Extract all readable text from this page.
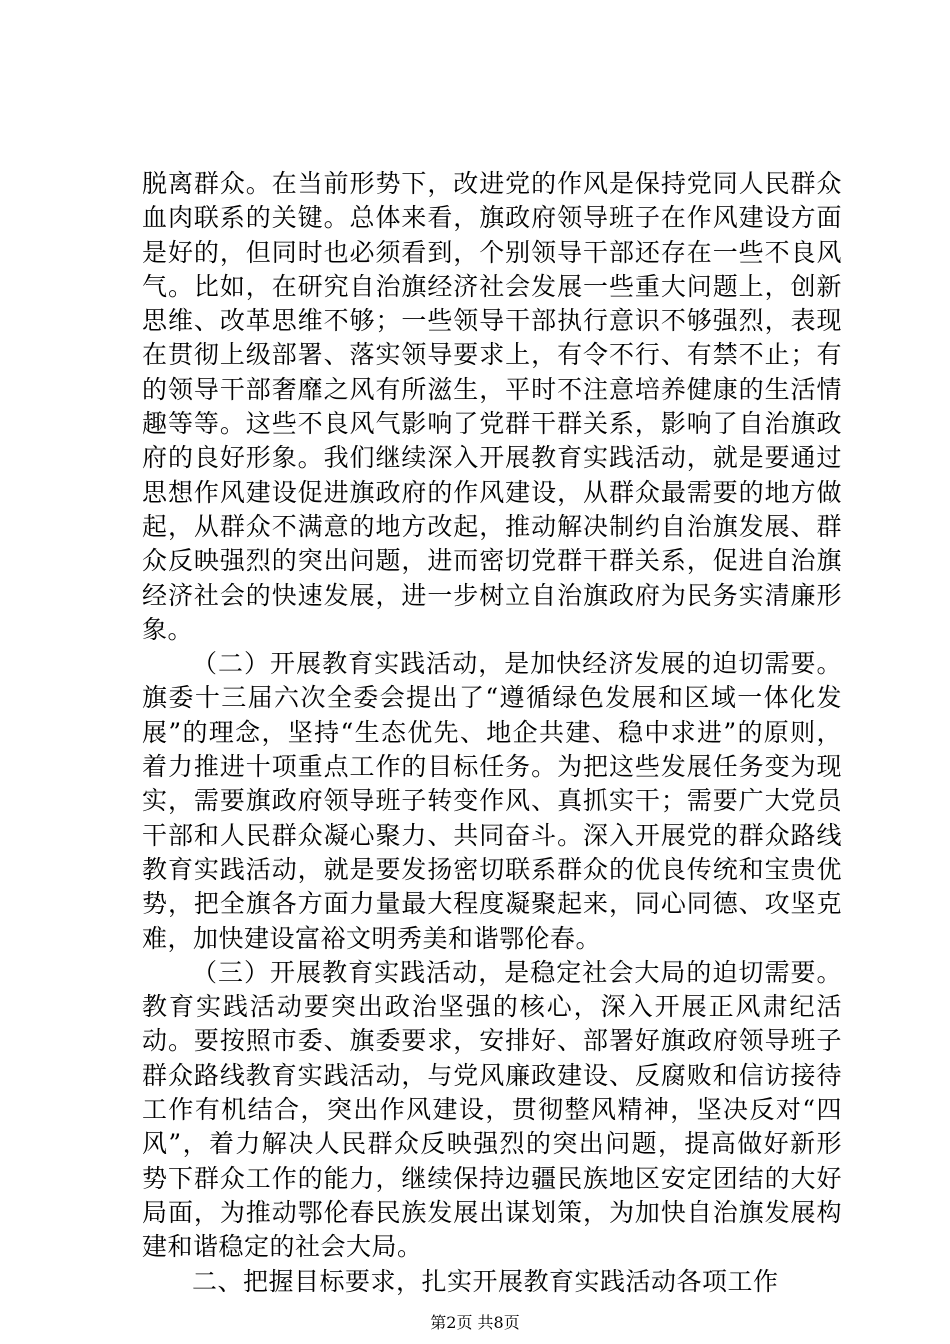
脱离群众。在当前形势下，改进党的作风是保持党同人民群众血肉联系的关键。总体来看，旗政府领导班子在作风建设方面是好的，但同时也必须看到，个别领导干部还存在一些不良风气。比如，在研究自治旗经济社会发展一些重大问题上，创新思维、改革思维不够；一些领导干部执行意识不够强烈，表现在贯彻上级部署、落实领导要求上，有令不行、有禁不止；有的领导干部奢靡之风有所滋生，平时不注意培养健康的生活情趣等等。这些不良风气影响了党群干群关系，影响了自治旗政府的良好形象。我们继续深入开展教育实践活动，就是要通过思想作风建设促进旗政府的作风建设，从群众最需要的地方做起，从群众不满意的地方改起，推动解决制约自治旗发展、群众反映强烈的突出问题，进而密切党群干群关系，促进自治旗经济社会的快速发展，进一步树立自治旗政府为民务实清廉形象。

（二）开展教育实践活动，是加快经济发展的迫切需要。旗委十三届六次全委会提出了“遵循绿色发展和区域一体化发展”的理念，坚持“生态优先、地企共建、稳中求进”的原则，着力推进十项重点工作的目标任务。为把这些发展任务变为现实，需要旗政府领导班子转变作风、真抓实干；需要广大党员干部和人民群众凝心聚力、共同奋斗。深入开展党的群众路线教育实践活动，就是要发扬密切联系群众的优良传统和宝贵优势，把全旗各方面力量最大程度凝聚起来，同心同德、攻坚克难，加快建设富裕文明秀美和谐鄂伦春。

（三）开展教育实践活动，是稳定社会大局的迫切需要。教育实践活动要突出政治坚强的核心，深入开展正风肃纪活动。要按照市委、旗委要求，安排好、部署好旗政府领导班子群众路线教育实践活动，与党风廉政建设、反腐败和信访接待工作有机结合，突出作风建设，贯彻整风精神，坚决反对“四风”，着力解决人民群众反映强烈的突出问题，提高做好新形势下群众工作的能力，继续保持边疆民族地区安定团结的大好局面，为推动鄂伦春民族发展出谋划策，为加快自治旗发展构建和谐稳定的社会大局。

二、把握目标要求，扎实开展教育实践活动各项工作

第2页 共8页
